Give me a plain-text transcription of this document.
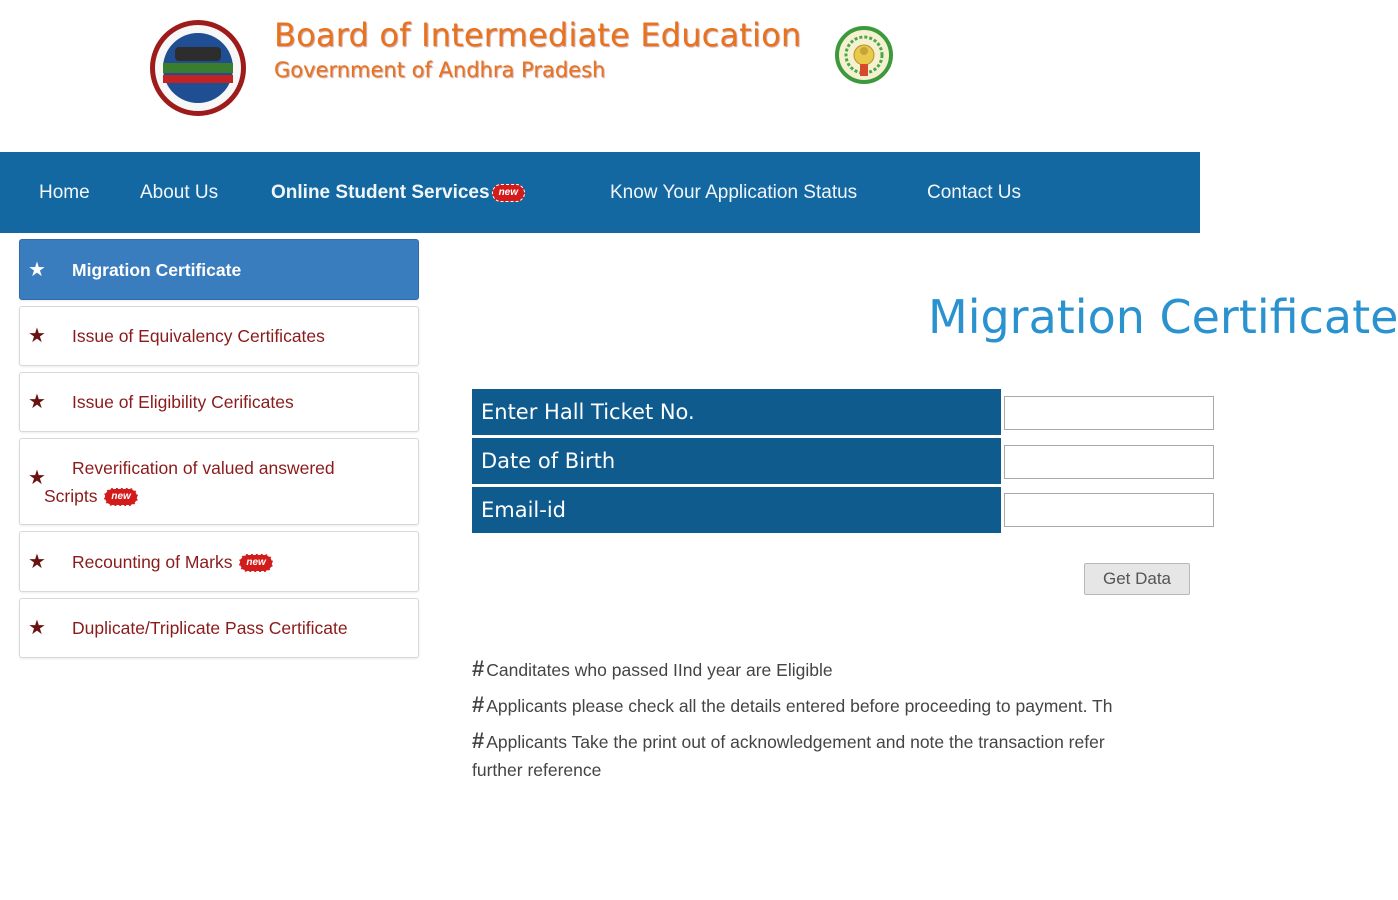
Board of Intermediate Education
Government of Andhra Pradesh
Home	About Us	Online Student Services new	Know Your Application Status	Contact Us
★ Migration Certificate
★ Issue of Equivalency Certificates
★ Issue of Eligibility Cerificates
★ Reverification of valued answered
Scripts new
★ Recounting of Marks new
★ Duplicate/Triplicate Pass Certificate
Migration Certificate
Enter Hall Ticket No.
Date of Birth
Email-id
Get Data
# Canditates who passed IInd year are Eligible
# Applicants please check all the details entered before proceeding to payment. Th
# Applicants Take the print out of acknowledgement and note the transaction refer
further reference
